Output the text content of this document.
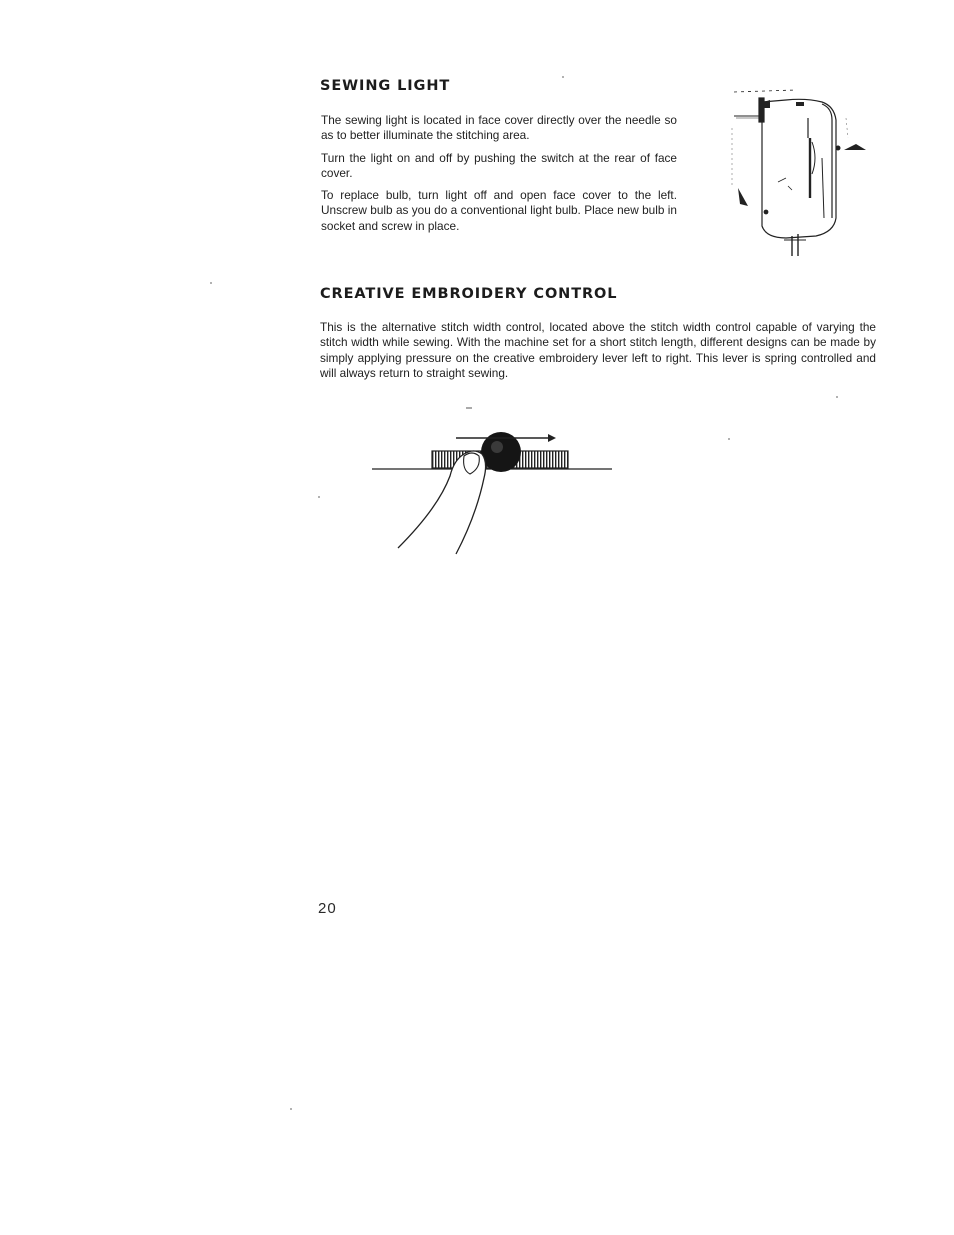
SEWING LIGHT

The sewing light is located in face cover directly over the needle so as to better illuminate the stitching area.

Turn the light on and off by pushing the switch at the rear of face cover.

To replace bulb, turn light off and open face cover to the left. Unscrew bulb as you do a conventional light bulb. Place new bulb in socket and screw in place.

CREATIVE EMBROIDERY CONTROL

This is the alternative stitch width control, located above the stitch width control capable of varying the stitch width while sewing. With the machine set for a short stitch length, different designs can be made by simply applying pressure on the creative embroidery lever left to right. This lever is spring controlled and will always return to straight sewing.

20
